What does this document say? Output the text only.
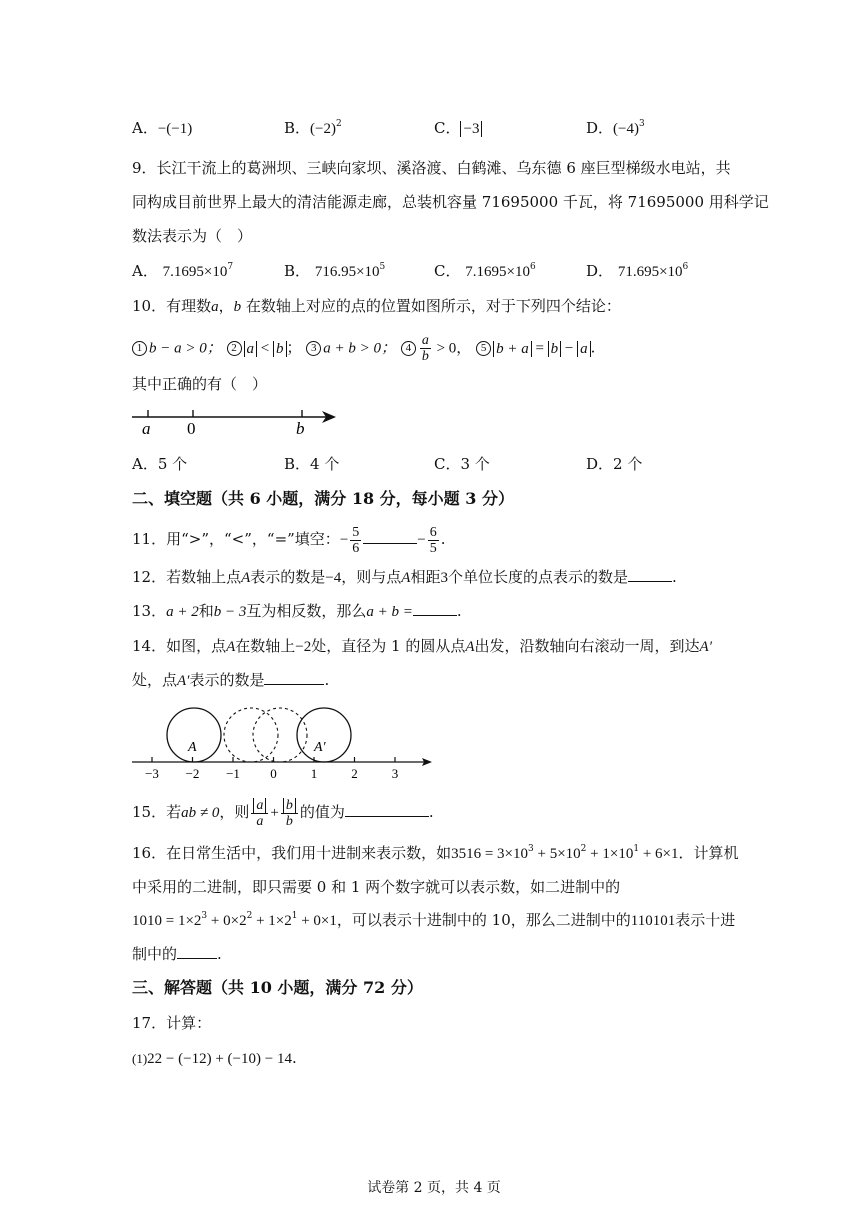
A．−(−1)	B．$(-2)^2$	C． −3	D．$(-4)^3$
9．长江干流上的葛洲坝、三峡向家坝、溪洛渡、白鹤滩、乌东德 6 座巨型梯级水电站，共
同构成目前世界上最大的清洁能源走廊，总装机容量 71695000 千瓦，将 71695000 用科学记
数法表示为（　）
A． $7.1695\times 10^7$	B． $716.95\times 10^5$	C． $7.1695\times 10^6$	D． $71.695\times 10^6$
10．有理数a，b 在数轴上对应的点的位置如图所示，对于下列四个结论：
1 b − a > 0； 2 a < b ； 3 a + b > 0； $4 \frac{a}{b} > 0$， 5 b + a = b − a .
其中正确的有（　）
a 0	b
A．5 个	B．4 个	C．3 个	D．2 个
二、填空题（共 6 小题，满分 18 分，每小题 3 分）
11．用“>”，“<”，“=”填空：− $\frac{5}{6}$	− $\frac{6}{5}$ .
12．若数轴上点A表示的数是−4，则与点A相距3个单位长度的点表示的数是	.
13．a + 2和b − 3互为相反数，那么a + b =	.
14．如图，点A在数轴上−2处，直径为 1 的圆从点A出发，沿数轴向右滚动一周，到达A′
处，点A′表示的数是	.
A	A′
−3 −2 −1 0	1	2	3
15．若ab ≠ 0，则 $\frac{a}{a} + \frac{b}{b}$ 的值为	.
16．在日常生活中，我们用十进制来表示数，如$3516 = 3\times 10^3 + 5\times 10^2 + 1\times 10^1 + 6\times 1$．计算机
中采用的二进制，即只需要 0 和 1 两个数字就可以表示数，如二进制中的
$1010 = 1\times 2^3 + 0\times 2^2 + 1\times 2^1 + 0\times 1$，可以表示十进制中的 10，那么二进制中的110101表示十进
制中的	.
三、解答题（共 10 小题，满分 72 分）
17．计算：
(1)22 − (−12) + (−10) − 14.
试卷第 2 页，共 4 页
